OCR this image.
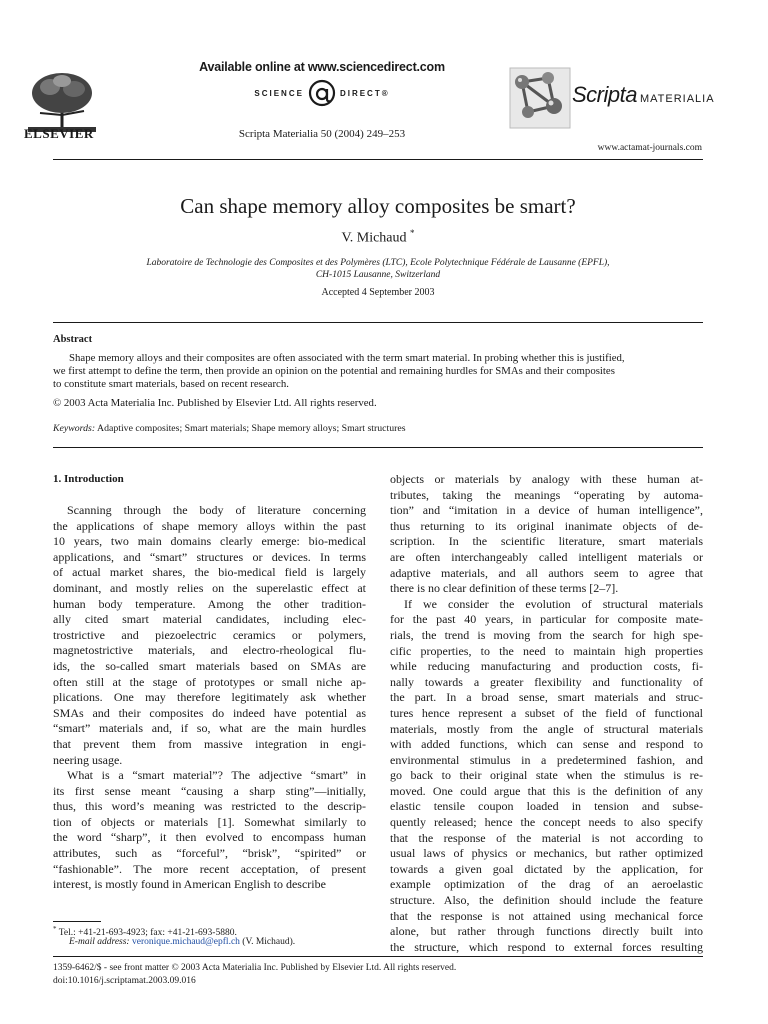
ELSEVIER
Available online at www.sciencedirect.com
SCIENCE	DIRECT®
Scripta Materialia 50 (2004) 249–253
Scripta MATERIALIA
www.actamat-journals.com
Can shape memory alloy composites be smart?
V. Michaud *
Laboratoire de Technologie des Composites et des Polymères (LTC), Ecole Polytechnique Fédérale de Lausanne (EPFL),
CH-1015 Lausanne, Switzerland
Accepted 4 September 2003
Abstract
Shape memory alloys and their composites are often associated with the term smart material. In probing whether this is justified,
we first attempt to define the term, then provide an opinion on the potential and remaining hurdles for SMAs and their composites
to constitute smart materials, based on recent research.
© 2003 Acta Materialia Inc. Published by Elsevier Ltd. All rights reserved.
Keywords: Adaptive composites; Smart materials; Shape memory alloys; Smart structures
1. Introduction
Scanning through the body of literature concerning
the applications of shape memory alloys within the past
10 years, two main domains clearly emerge: bio-medical
applications, and “smart” structures or devices. In terms
of actual market shares, the bio-medical field is largely
dominant, and mostly relies on the superelastic effect at
human body temperature. Among the other tradition-
ally cited smart material candidates, including elec-
trostrictive and piezoelectric ceramics or polymers,
magnetostrictive materials, and electro-rheological flu-
ids, the so-called smart materials based on SMAs are
often still at the stage of prototypes or small niche ap-
plications. One may therefore legitimately ask whether
SMAs and their composites do indeed have potential as
“smart” materials and, if so, what are the main hurdles
that prevent them from massive integration in engi-
neering usage.
What is a “smart material”? The adjective “smart” in
its first sense meant “causing a sharp sting”—initially,
thus, this word’s meaning was restricted to the descrip-
tion of objects or materials [1]. Somewhat similarly to
the word “sharp”, it then evolved to encompass human
attributes, such as “forceful”, “brisk”, “spirited” or
“fashionable”. The more recent acceptation, of present
interest, is mostly found in American English to describe
objects or materials by analogy with these human at-
tributes, taking the meanings “operating by automa-
tion” and “imitation in a device of human intelligence”,
thus returning to its original inanimate objects of de-
scription. In the scientific literature, smart materials
are often interchangeably called intelligent materials or
adaptive materials, and all authors seem to agree that
there is no clear definition of these terms [2–7].
If we consider the evolution of structural materials
for the past 40 years, in particular for composite mate-
rials, the trend is moving from the search for high spe-
cific properties, to the need to maintain high properties
while reducing manufacturing and production costs, fi-
nally towards a greater flexibility and functionality of
the part. In a broad sense, smart materials and struc-
tures hence represent a subset of the field of functional
materials, mostly from the angle of structural materials
with added functions, which can sense and respond to
environmental stimulus in a predetermined fashion, and
go back to their original state when the stimulus is re-
moved. One could argue that this is the definition of any
elastic tensile coupon loaded in tension and subse-
quently released; hence the concept needs to also specify
that the response of the material is not according to
usual laws of physics or mechanics, but rather optimized
towards a given goal dictated by the application, for
example optimization of the drag of an aeroelastic
structure. Also, the definition should include the feature
that the response is not attained using mechanical force
alone, but rather through functions directly built into
the structure, which respond to external forces resulting
* Tel.: +41-21-693-4923; fax: +41-21-693-5880.
E-mail address: veronique.michaud@epfl.ch (V. Michaud).
1359-6462/$ - see front matter © 2003 Acta Materialia Inc. Published by Elsevier Ltd. All rights reserved.
doi:10.1016/j.scriptamat.2003.09.016
